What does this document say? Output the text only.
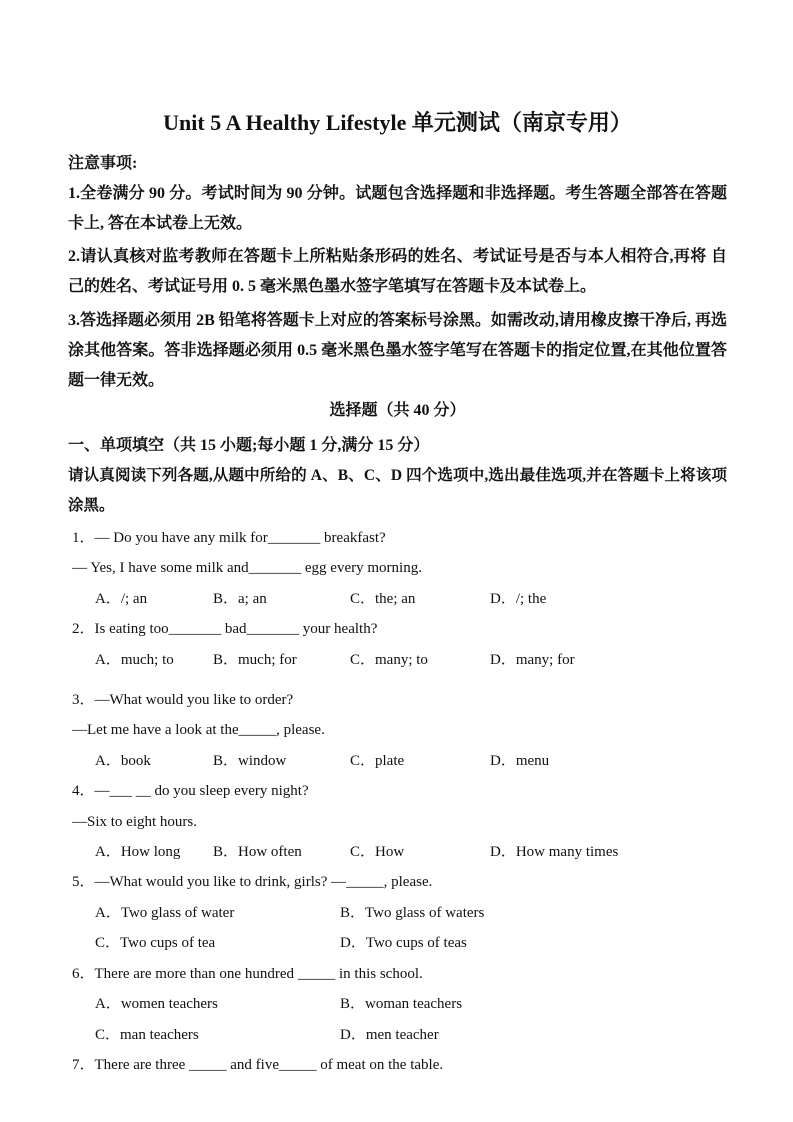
Unit 5 A Healthy Lifestyle 单元测试（南京专用）
注意事项:

1.全卷满分 90 分。考试时间为 90 分钟。试题包含选择题和非选择题。考生答题全部答在答题卡上, 答在本试卷上无效。

2.请认真核对监考教师在答题卡上所粘贴条形码的姓名、考试证号是否与本人相符合,再将 自己的姓名、考试证号用 0. 5 毫米黑色墨水签字笔填写在答题卡及本试卷上。

3.答选择题必须用 2B 铅笔将答题卡上对应的答案标号涂黑。如需改动,请用橡皮擦干净后, 再选涂其他答案。答非选择题必须用 0.5 毫米黑色墨水签字笔写在答题卡的指定位置,在其他位置答题一律无效。

选择题（共 40 分）
一、单项填空（共 15 小题;每小题 1 分,满分 15 分）
请认真阅读下列各题,从题中所给的 A、B、C、D 四个选项中,选出最佳选项,并在答题卡上将该项涂黑。
1．— Do you have any milk for_______ breakfast?
— Yes, I have some milk and_______ egg every morning.
A．/; an	B．a; an	C．the; an	D．/; the
2．Is eating too_______ bad_______ your health?
A．much; to	B．much; for	C．many; to	D．many; for
3．—What would you like to order?
—Let me have a look at the_____, please.
A．book	B．window	C．plate	D．menu
4．—___ __ do you sleep every night?
—Six to eight hours.
A．How long	B．How often	C．How	D．How many times
5．—What would you like to drink, girls? —_____, please.
A．Two glass of water	B．Two glass of waters
C．Two cups of tea	D．Two cups of teas
6．There are more than one hundred _____ in this school.
A．women teachers	B．woman teachers
C．man teachers	D．men teacher
7．There are three _____ and five_____ of meat on the table.
